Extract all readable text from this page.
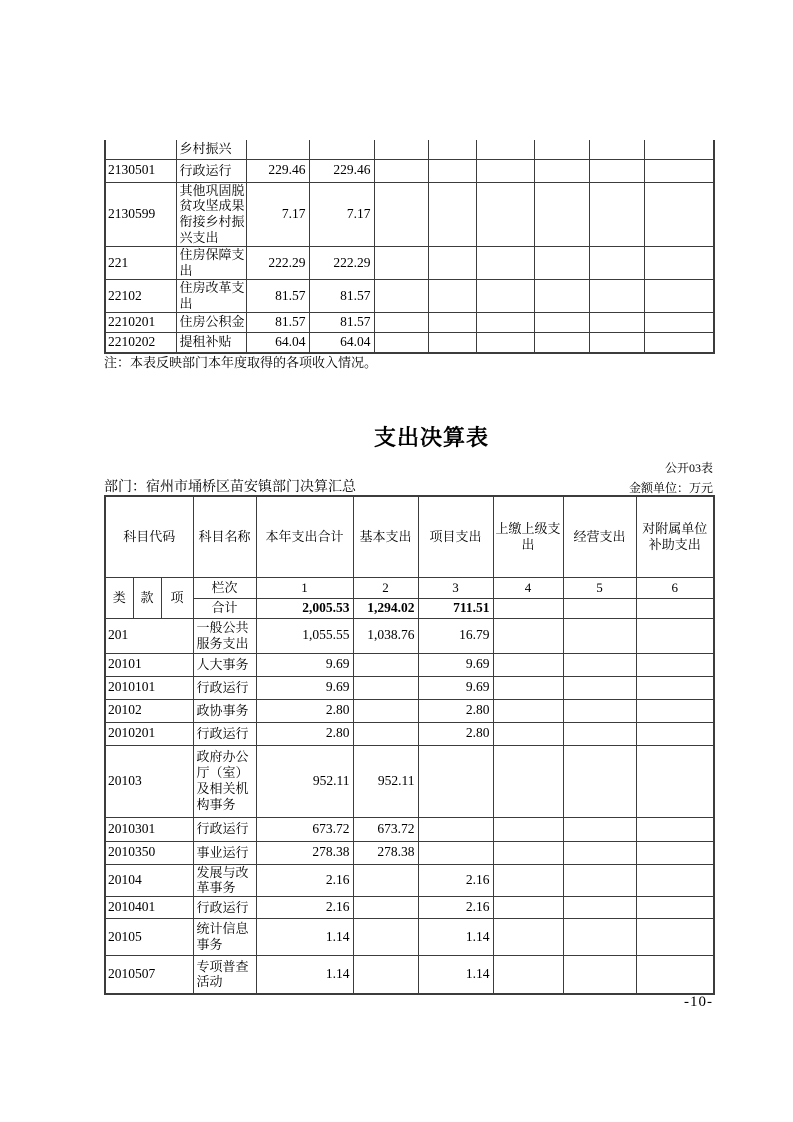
	乡村振兴								
2130501	行政运行	229.46	229.46						
2130599	其他巩固脱贫攻坚成果衔接乡村振兴支出	7.17	7.17						
221	住房保障支出	222.29	222.29						
22102	住房改革支出	81.57	81.57						
2210201	住房公积金	81.57	81.57						
2210202	提租补贴	64.04	64.04						
注：本表反映部门本年度取得的各项收入情况。
支出决算表
公开03表
部门：宿州市埇桥区苗安镇部门决算汇总	金额单位：万元
科目代码			科目名称	本年支出合计	基本支出	项目支出	上缴上级支出	经营支出	对附属单位补助支出
类	款	项	栏次	1	2	3	4	5	6
			合计	2,005.53	1,294.02	711.51			
201			一般公共服务支出	1,055.55	1,038.76	16.79			
20101			人大事务	9.69		9.69			
2010101			行政运行	9.69		9.69			
20102			政协事务	2.80		2.80			
2010201			行政运行	2.80		2.80			
20103			政府办公厅（室）及相关机构事务	952.11	952.11				
2010301			行政运行	673.72	673.72				
2010350			事业运行	278.38	278.38				
20104			发展与改革事务	2.16		2.16			
2010401			行政运行	2.16		2.16			
20105			统计信息事务	1.14		1.14			
2010507			专项普查活动	1.14		1.14			
-10-
